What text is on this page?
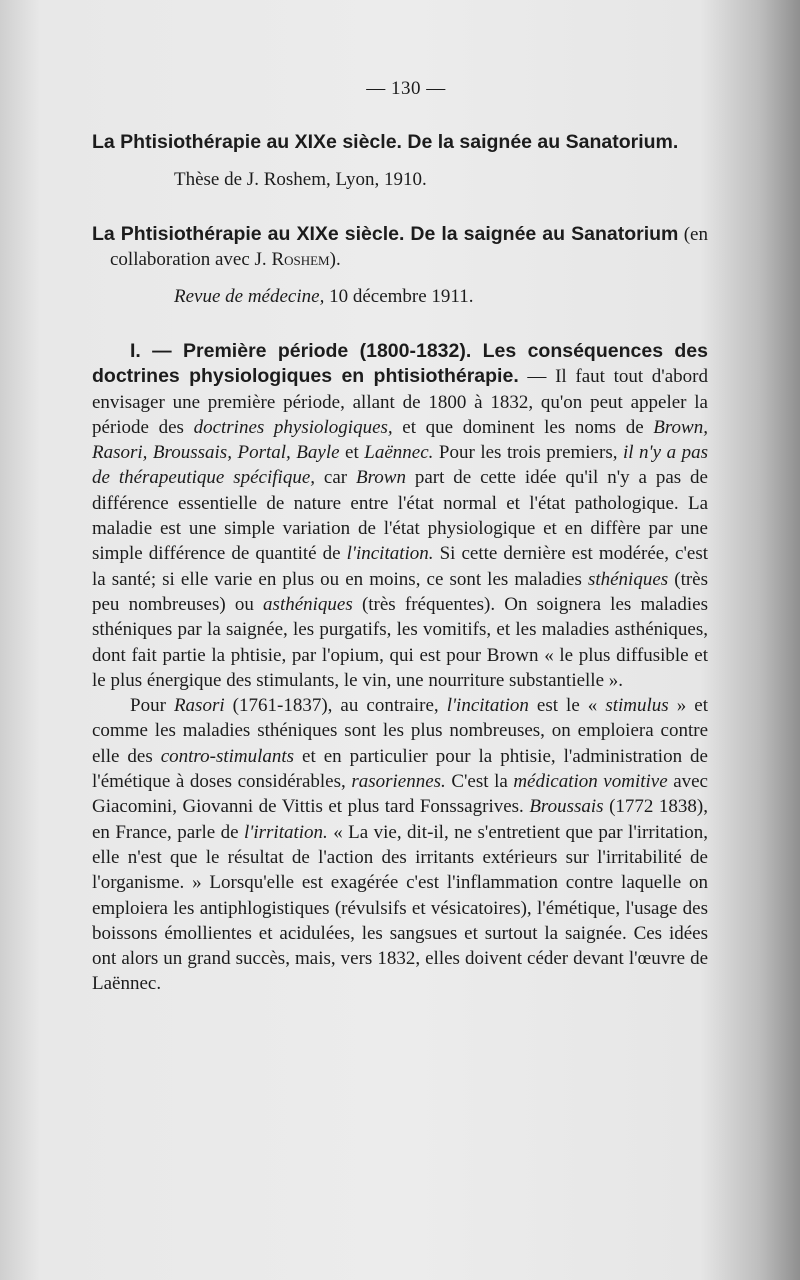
— 130 —

La Phtisiothérapie au XIXe siècle. De la saignée au Sanatorium.

Thèse de J. Roshem, Lyon, 1910.

La Phtisiothérapie au XIXe siècle. De la saignée au Sanatorium (en collaboration avec J. Roshem).

Revue de médecine, 10 décembre 1911.

I. — Première période (1800-1832). Les conséquences des doctrines physiologiques en phtisiothérapie. — Il faut tout d'abord envisager une première période, allant de 1800 à 1832, qu'on peut appeler la période des doctrines physiologiques, et que dominent les noms de Brown, Rasori, Broussais, Portal, Bayle et Laënnec. Pour les trois premiers, il n'y a pas de thérapeutique spécifique, car Brown part de cette idée qu'il n'y a pas de différence essentielle de nature entre l'état normal et l'état pathologique. La maladie est une simple variation de l'état physiologique et en diffère par une simple différence de quantité de l'incitation. Si cette dernière est modérée, c'est la santé; si elle varie en plus ou en moins, ce sont les maladies sthéniques (très peu nombreuses) ou asthéniques (très fréquentes). On soignera les maladies sthéniques par la saignée, les purgatifs, les vomitifs, et les maladies asthéniques, dont fait partie la phtisie, par l'opium, qui est pour Brown « le plus diffusible et le plus énergique des stimulants, le vin, une nourriture substantielle ».

Pour Rasori (1761-1837), au contraire, l'incitation est le « stimulus » et comme les maladies sthéniques sont les plus nombreuses, on emploiera contre elle des contro-stimulants et en particulier pour la phtisie, l'administration de l'émétique à doses considérables, rasoriennes. C'est la médication vomitive avec Giacomini, Giovanni de Vittis et plus tard Fonssagrives. Broussais (1772 1838), en France, parle de l'irritation. « La vie, dit-il, ne s'entretient que par l'irritation, elle n'est que le résultat de l'action des irritants extérieurs sur l'irritabilité de l'organisme. » Lorsqu'elle est exagérée c'est l'inflammation contre laquelle on emploiera les antiphlogistiques (révulsifs et vésicatoires), l'émétique, l'usage des boissons émollientes et acidulées, les sangsues et surtout la saignée. Ces idées ont alors un grand succès, mais, vers 1832, elles doivent céder devant l'œuvre de Laënnec.
